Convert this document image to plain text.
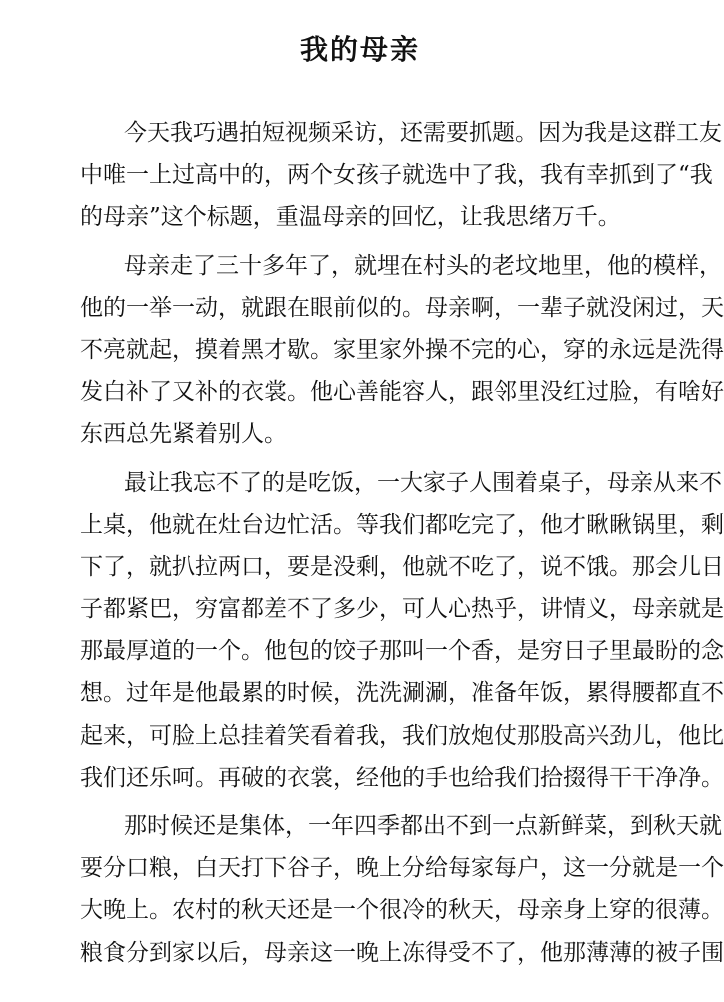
我的母亲
今天我巧遇拍短视频采访，还需要抓题。因为我是这群工友
中唯一上过高中的，两个女孩子就选中了我，我有幸抓到了“我
的母亲”这个标题，重温母亲的回忆，让我思绪万千。
母亲走了三十多年了，就埋在村头的老坟地里，他的模样，
他的一举一动，就跟在眼前似的。母亲啊，一辈子就没闲过，天
不亮就起，摸着黑才歇。家里家外操不完的心，穿的永远是洗得
发白补了又补的衣裳。他心善能容人，跟邻里没红过脸，有啥好
东西总先紧着别人。
最让我忘不了的是吃饭，一大家子人围着桌子，母亲从来不
上桌，他就在灶台边忙活。等我们都吃完了，他才瞅瞅锅里，剩
下了，就扒拉两口，要是没剩，他就不吃了，说不饿。那会儿日
子都紧巴，穷富都差不了多少，可人心热乎，讲情义，母亲就是
那最厚道的一个。他包的饺子那叫一个香，是穷日子里最盼的念
想。过年是他最累的时候，洗洗涮涮，准备年饭，累得腰都直不
起来，可脸上总挂着笑看着我，我们放炮仗那股高兴劲儿，他比
我们还乐呵。再破的衣裳，经他的手也给我们拾掇得干干净净。
那时候还是集体，一年四季都出不到一点新鲜菜，到秋天就
要分口粮，白天打下谷子，晚上分给每家每户，这一分就是一个
大晚上。农村的秋天还是一个很冷的秋天，母亲身上穿的很薄。
粮食分到家以后，母亲这一晚上冻得受不了，他那薄薄的被子围
